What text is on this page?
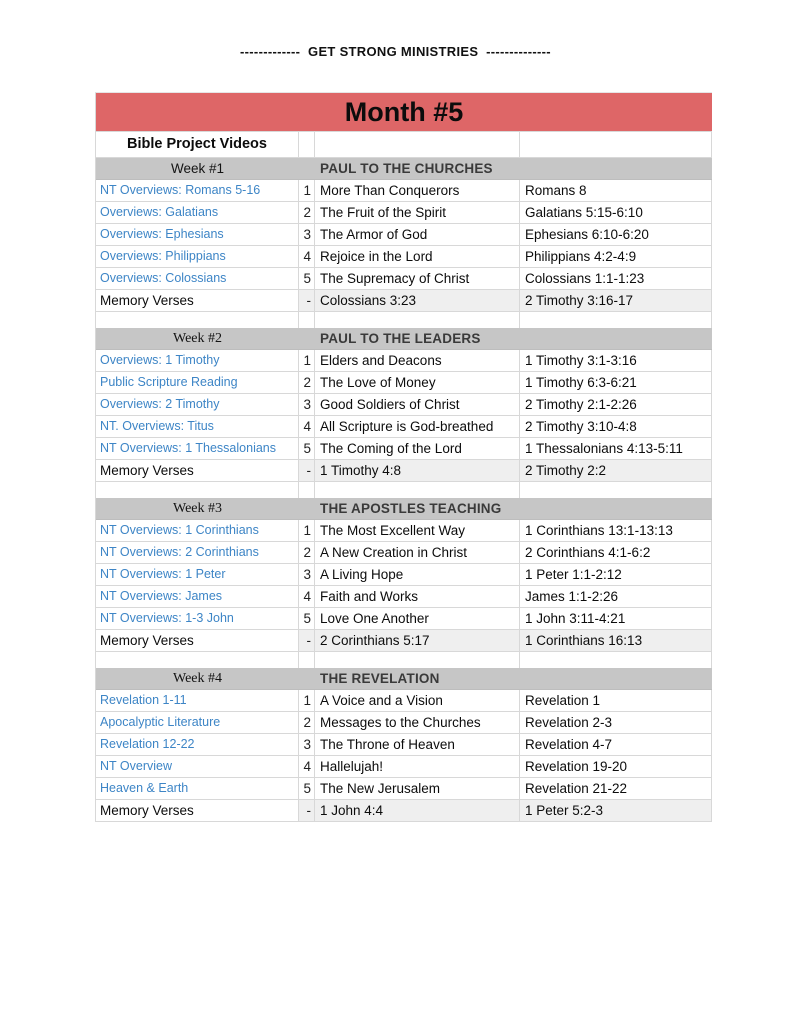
-------------  GET STRONG MINISTRIES  --------------
Month #5
Bible Project Videos
Week #1	PAUL TO THE CHURCHES
NT Overviews: Romans 5-16	1 More Than Conquerors	Romans 8
Overviews: Galatians	2 The Fruit of the Spirit	Galatians 5:15-6:10
Overviews: Ephesians	3 The Armor of God	Ephesians 6:10-6:20
Overviews: Philippians	4 Rejoice in the Lord	Philippians 4:2-4:9
Overviews: Colossians	5 The Supremacy of Christ	Colossians 1:1-1:23
Memory Verses	- Colossians 3:23	2 Timothy 3:16-17
Week #2	PAUL TO THE LEADERS
Overviews: 1 Timothy	1 Elders and Deacons	1 Timothy 3:1-3:16
Public Scripture Reading	2 The Love of Money	1 Timothy 6:3-6:21
Overviews: 2 Timothy	3 Good Soldiers of Christ	2 Timothy 2:1-2:26
NT. Overviews: Titus	4 All Scripture is God-breathed	2 Timothy 3:10-4:8
NT Overviews: 1 Thessalonians	5 The Coming of the Lord	1 Thessalonians 4:13-5:11
Memory Verses	- 1 Timothy 4:8	2 Timothy 2:2
Week #3	THE APOSTLES TEACHING
NT Overviews: 1 Corinthians	1 The Most Excellent Way	1 Corinthians 13:1-13:13
NT Overviews: 2 Corinthians	2 A New Creation in Christ	2 Corinthians 4:1-6:2
NT Overviews: 1 Peter	3 A Living Hope	1 Peter 1:1-2:12
NT Overviews: James	4 Faith and Works	James 1:1-2:26
NT Overviews: 1-3 John	5 Love One Another	1 John 3:11-4:21
Memory Verses	- 2 Corinthians 5:17	1 Corinthians 16:13
Week #4	THE REVELATION
Revelation 1-11	1 A Voice and a Vision	Revelation 1
Apocalyptic Literature	2 Messages to the Churches	Revelation 2-3
Revelation 12-22	3 The Throne of Heaven	Revelation 4-7
NT Overview	4 Hallelujah!	Revelation 19-20
Heaven & Earth	5 The New Jerusalem	Revelation 21-22
Memory Verses	- 1 John 4:4	1 Peter 5:2-3
